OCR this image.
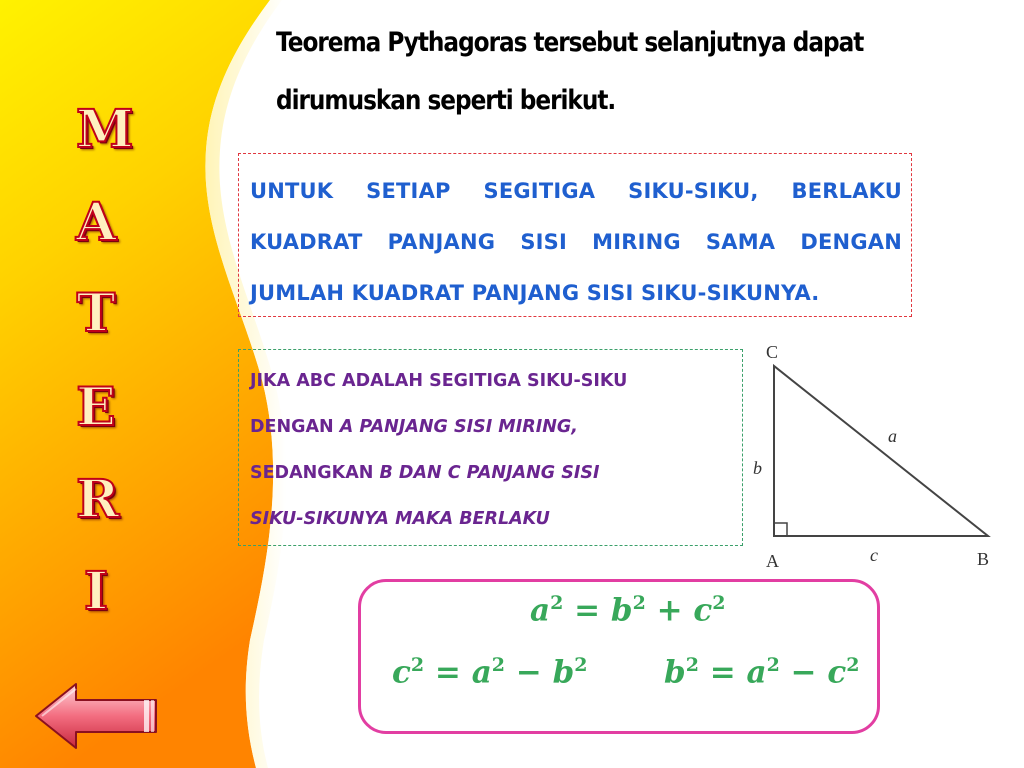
M
A
T
E
R
I
Teorema Pythagoras tersebut selanjutnya dapat
dirumuskan seperti berikut.
UNTUK SETIAP SEGITIGA SIKU-SIKU, BERLAKU KUADRAT PANJANG SISI MIRING SAMA DENGAN JUMLAH KUADRAT PANJANG SISI SIKU-SIKUNYA.
JIKA ABC ADALAH SEGITIGA SIKU-SIKU
DENGAN A PANJANG SISI MIRING,
SEDANGKAN B DAN C PANJANG SISI
SIKU-SIKUNYA MAKA BERLAKU
C
A	B
a
b
c
$a^2 = b^2 + c^2$
$c^2 = a^2 - b^2$ $b^2 = a^2 - c^2$
